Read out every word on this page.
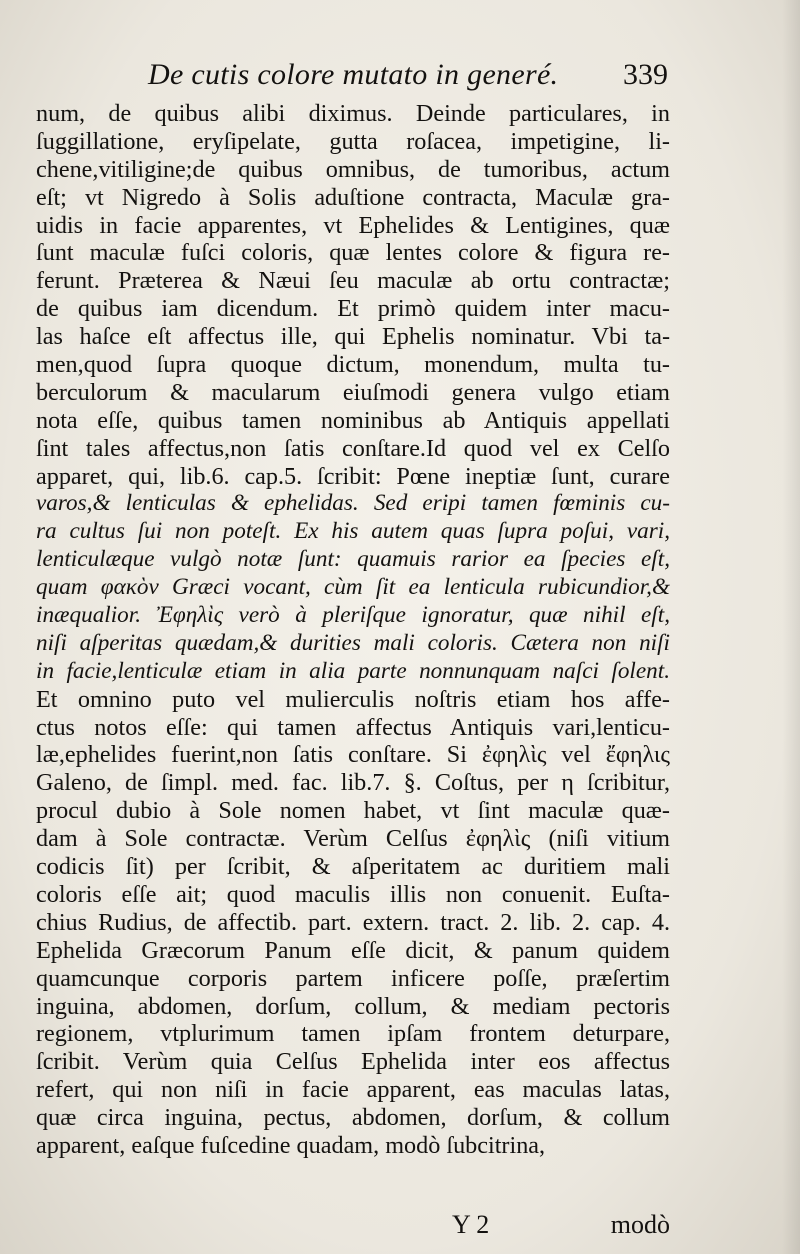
De cutis colore mutato in generé. 339
num, de quibus alibi diximus. Deinde particulares, in
ſuggillatione, eryſipelate, gutta roſacea, impetigine, li-
chene,vitiligine;de quibus omnibus, de tumoribus, actum
eſt; vt Nigredo à Solis aduſtione contracta, Maculæ gra-
uidis in facie apparentes, vt Ephelides & Lentigines, quæ
ſunt maculæ fuſci coloris, quæ lentes colore & figura re-
ferunt. Præterea & Næui ſeu maculæ ab ortu contractæ;
de quibus iam dicendum. Et primò quidem inter macu-
las haſce eſt affectus ille, qui Ephelis nominatur. Vbi ta-
men,quod ſupra quoque dictum, monendum, multa tu-
berculorum & macularum eiuſmodi genera vulgo etiam
nota eſſe, quibus tamen nominibus ab Antiquis appellati
ſint tales affectus,non ſatis conſtare.Id quod vel ex Celſo
apparet, qui, lib.6. cap.5. ſcribit: Pœne ineptiæ ſunt, curare
varos,& lenticulas & ephelidas. Sed eripi tamen fœminis cu-
ra cultus ſui non poteſt. Ex his autem quas ſupra poſui, vari,
lenticulæque vulgò notæ ſunt: quamuis rarior ea ſpecies eſt,
quam φακὸν Græci vocant, cùm ſit ea lenticula rubicundior,&
inæqualior. Ἐφηλὶς verò à pleriſque ignoratur, quæ nihil eſt,
niſi aſperitas quædam,& durities mali coloris. Cætera non niſi
in facie,lenticulæ etiam in alia parte nonnunquam naſci ſolent.
Et omnino puto vel mulierculis noſtris etiam hos affe-
ctus notos eſſe: qui tamen affectus Antiquis vari,lenticu-
læ,ephelides fuerint,non ſatis conſtare. Si ἐφηλὶς vel ἔφηλις
Galeno, de ſimpl. med. fac. lib.7. §. Coſtus, per η ſcribitur,
procul dubio à Sole nomen habet, vt ſint maculæ quæ-
dam à Sole contractæ. Verùm Celſus ἐφηλὶς (niſi vitium
codicis ſit) per ſcribit, & aſperitatem ac duritiem mali
coloris eſſe ait; quod maculis illis non conuenit. Euſta-
chius Rudius, de affectib. part. extern. tract. 2. lib. 2. cap. 4.
Ephelida Græcorum Panum eſſe dicit, & panum quidem
quamcunque corporis partem inficere poſſe, præſertim
inguina, abdomen, dorſum, collum, & mediam pectoris
regionem, vtplurimum tamen ipſam frontem deturpare,
ſcribit. Verùm quia Celſus Ephelida inter eos affectus
refert, qui non niſi in facie apparent, eas maculas latas,
quæ circa inguina, pectus, abdomen, dorſum, & collum
apparent, eaſque fuſcedine quadam, modò ſubcitrina,
Y 2	modò
